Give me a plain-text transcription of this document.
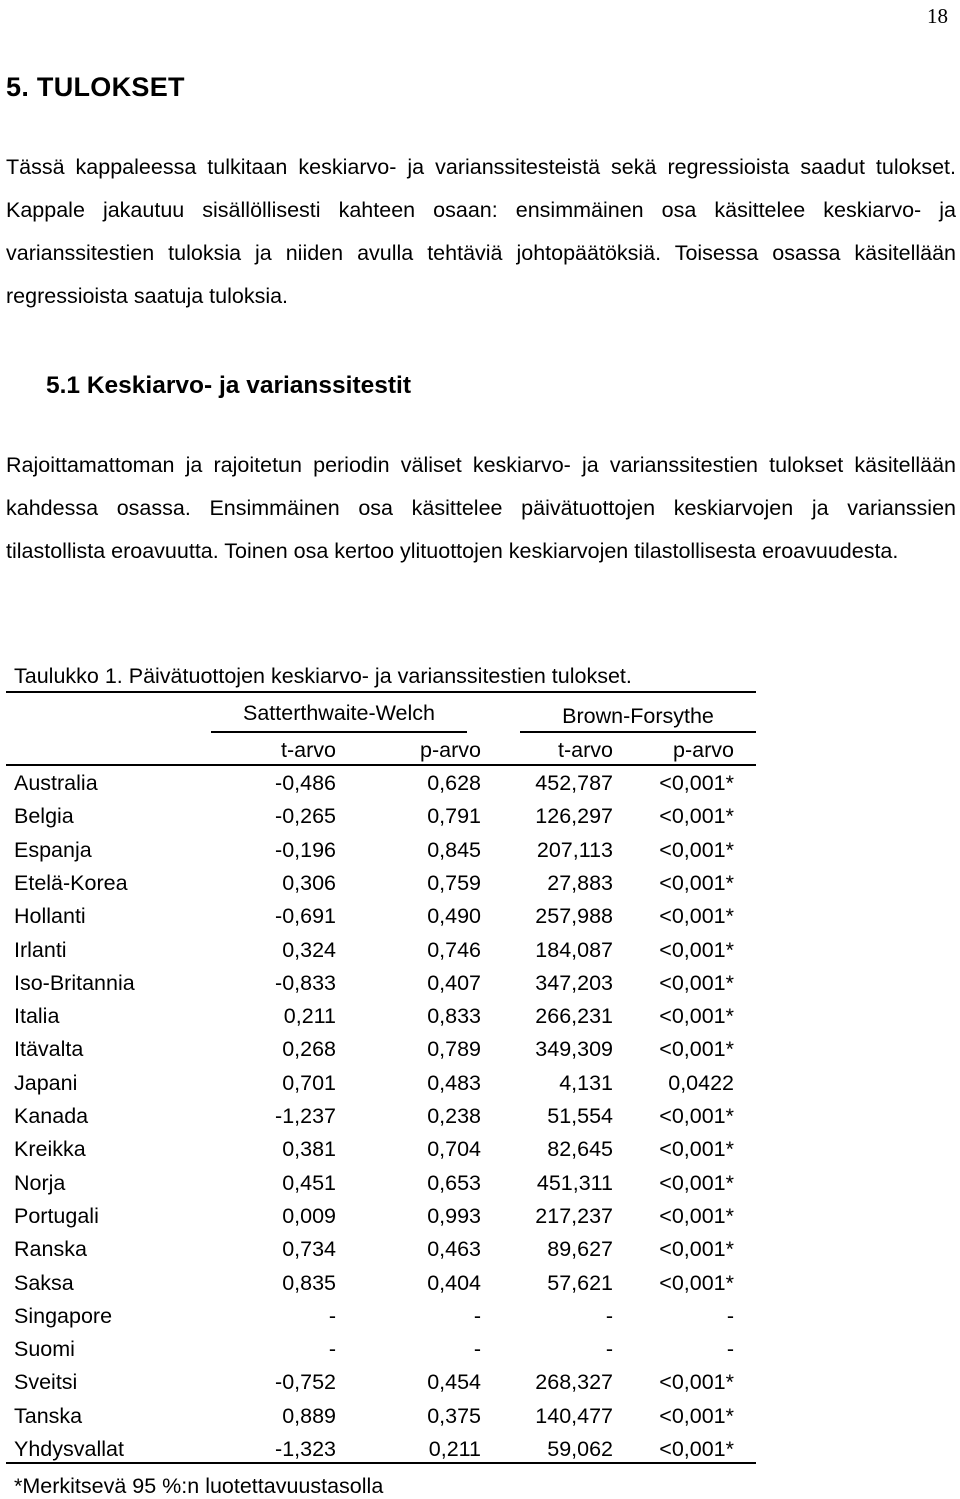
18
5. TULOKSET
Tässä kappaleessa tulkitaan keskiarvo- ja varianssitesteistä sekä regressioista saadut tulokset. Kappale jakautuu sisällöllisesti kahteen osaan: ensimmäinen osa käsittelee keskiarvo- ja varianssitestien tuloksia ja niiden avulla tehtäviä johtopäätöksiä. Toisessa osassa käsitellään regressioista saatuja tuloksia.
5.1 Keskiarvo- ja varianssitestit
Rajoittamattoman ja rajoitetun periodin väliset keskiarvo- ja varianssitestien tulokset käsitellään kahdessa osassa. Ensimmäinen osa käsittelee päivätuottojen keskiarvojen ja varianssien tilastollista eroavuutta. Toinen osa kertoo ylituottojen keskiarvojen tilastollisesta eroavuudesta.
Taulukko 1. Päivätuottojen keskiarvo- ja varianssitestien tulokset.
Satterthwaite-Welch	Brown-Forsythe
t-arvo	p-arvo	t-arvo	p-arvo
Australia	-0,486	0,628	452,787 <0,001*
Belgia	-0,265	0,791	126,297 <0,001*
Espanja	-0,196	0,845	207,113 <0,001*
Etelä-Korea	0,306	0,759	27,883 <0,001*
Hollanti	-0,691	0,490	257,988 <0,001*
Irlanti	0,324	0,746	184,087 <0,001*
Iso-Britannia	-0,833	0,407	347,203 <0,001*
Italia	0,211	0,833	266,231 <0,001*
Itävalta	0,268	0,789	349,309 <0,001*
Japani	0,701	0,483	4,131	0,0422
Kanada	-1,237	0,238	51,554 <0,001*
Kreikka	0,381	0,704	82,645 <0,001*
Norja	0,451	0,653	451,311 <0,001*
Portugali	0,009	0,993	217,237 <0,001*
Ranska	0,734	0,463	89,627 <0,001*
Saksa	0,835	0,404	57,621 <0,001*
Singapore	-	-	-	-
Suomi	-	-	-	-
Sveitsi	-0,752	0,454	268,327 <0,001*
Tanska	0,889	0,375	140,477 <0,001*
Yhdysvallat	-1,323	0,211	59,062 <0,001*
*Merkitsevä 95 %:n luotettavuustasolla
